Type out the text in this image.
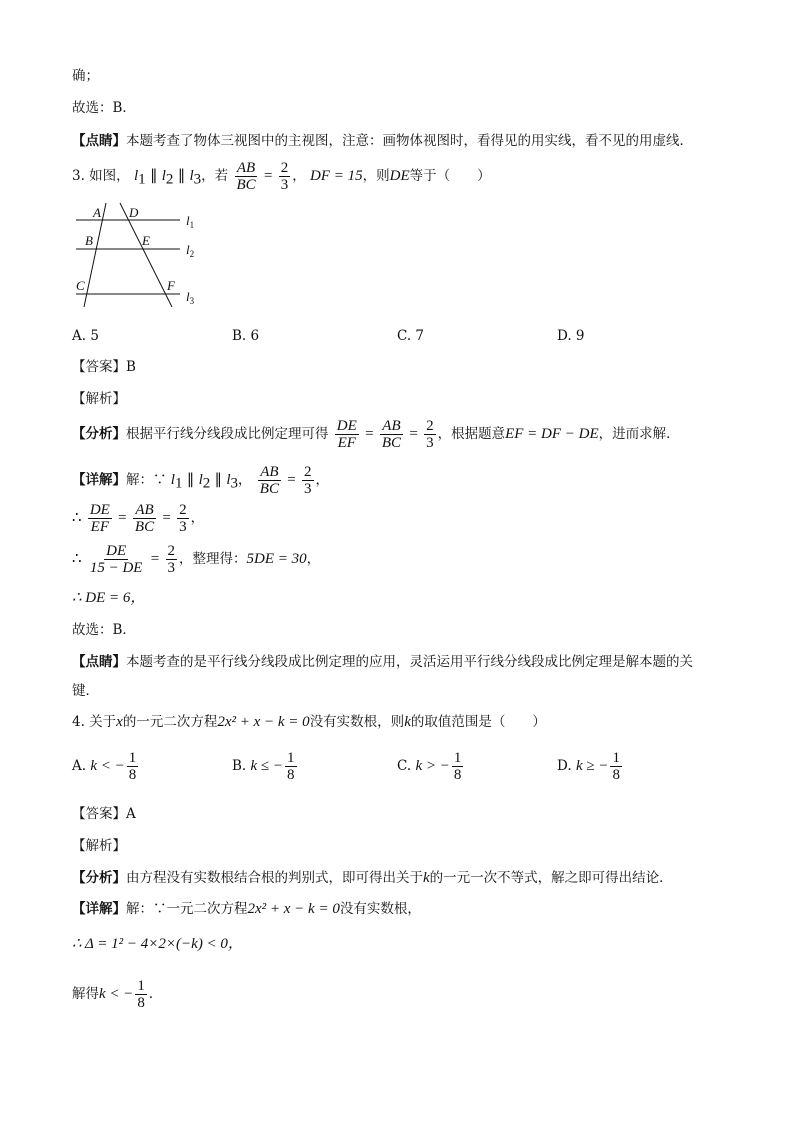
确；
故选：B．
【点睛】本题考查了物体三视图中的主视图，注意：画物体视图时，看得见的用实线，看不见的用虚线．
3. 如图， $l_1$ ∥ $l_2$ ∥ $l_3$，若 $\frac{AB}{BC} = \frac{2}{3}$ ， DF = 15，则DE等于（　　）
A D
B	E
C	F
$l_1$
$l_2$
$l_3$
A. 5	B. 6	C. 7	D. 9
【答案】B
【解析】
【分析】根据平行线分线段成比例定理可得 $\frac{DE}{EF} = \frac{AB}{BC} = \frac{2}{3}$ ，根据题意EF = DF − DE，进而求解．
【详解】解：∵ $l_1$ ∥ $l_2$ ∥ $l_3$， $\frac{AB}{BC} = \frac{2}{3}$ ，
∴ $\frac{DE}{EF} = \frac{AB}{BC} = \frac{2}{3}$ ，
∴ $\frac{DE}{15 - DE} = \frac{2}{3}$ ，整理得：5DE = 30，
∴ DE = 6，
故选：B．
【点睛】本题考查的是平行线分线段成比例定理的应用，灵活运用平行线分线段成比例定理是解本题的关
键．
4. 关于x的一元二次方程2x² + x − k = 0没有实数根，则k的取值范围是（　　）
A. k < − $\frac{1}{8}$	B. k ≤ − $\frac{1}{8}$	C. k > − $\frac{1}{8}$	D. k ≥ − $\frac{1}{8}$
【答案】A
【解析】
【分析】由方程没有实数根结合根的判别式，即可得出关于k的一元一次不等式，解之即可得出结论．
【详解】解：∵一元二次方程2x² + x − k = 0没有实数根，
∴ Δ = 1² − 4×2×(−k) < 0，
解得k < − $\frac{1}{8}$ ．
